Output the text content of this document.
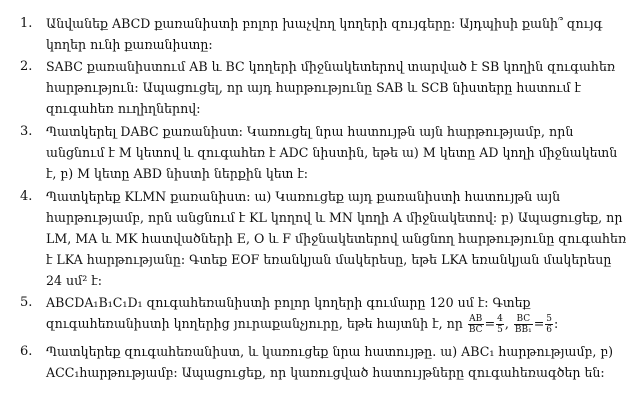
1. Անվանեք ABCD քառանիստի բոլոր խաչվող կողերի զույգերը: Այդպիսի քանի՞ զույգ
կողեր ունի քառանիստը:
2. SABC քառանիստում AB և BC կողերի միջնակետերով տարված է SB կողին զուգահեռ
հարթություն: Ապացուցել, որ այդ հարթությունը SAB և SCB նիստերը հատում է
զուգահեռ ուղիղներով:
3. Պատկերել DABC քառանիստ: Կառուցել նրա հատույթն այն հարթությամբ, որն
անցնում է M կետով և զուգահեռ է ADC նիստին, եթե ա) M կետը AD կողի միջնակետն
է, բ) M կետը ABD նիստի ներքին կետ է:
4. Պատկերեք KLMN քառանիստ: ա) Կառուցեք այդ քառանիստի հատույթն այն
հարթությամբ, որն անցնում է KL կողով և MN կողի A միջնակետով: բ) Ապացուցեք, որ
LM, MA և MK հատվածների E, O և F միջնակետերով անցնող հարթությունը զուգահեռ
է LKA հարթությանը: Գտեք EOF եռանկյան մակերեսը, եթե LKA եռանկյան մակերեսը
24 սմ² է:
5. ABCDA₁B₁C₁D₁ զուգահեռանիստի բոլոր կողերի գումարը 120 սմ է: Գտեք
զուգահեռանիստի կողերից յուրաքանչյուրը, եթե հայտնի է, որ $\frac{AB}{BC} = \frac{4}{5}$ , $\frac{BC}{\text{BB₁}} = \frac{5}{6}$ :
6. Պատկերեք զուգահեռանիստ, և կառուցեք նրա հատույթը. ա) ABC₁ հարթությամբ, բ)
ACC₁հարթությամբ: Ապացուցեք, որ կառուցված հատույթները զուգահեռագծեր են:
